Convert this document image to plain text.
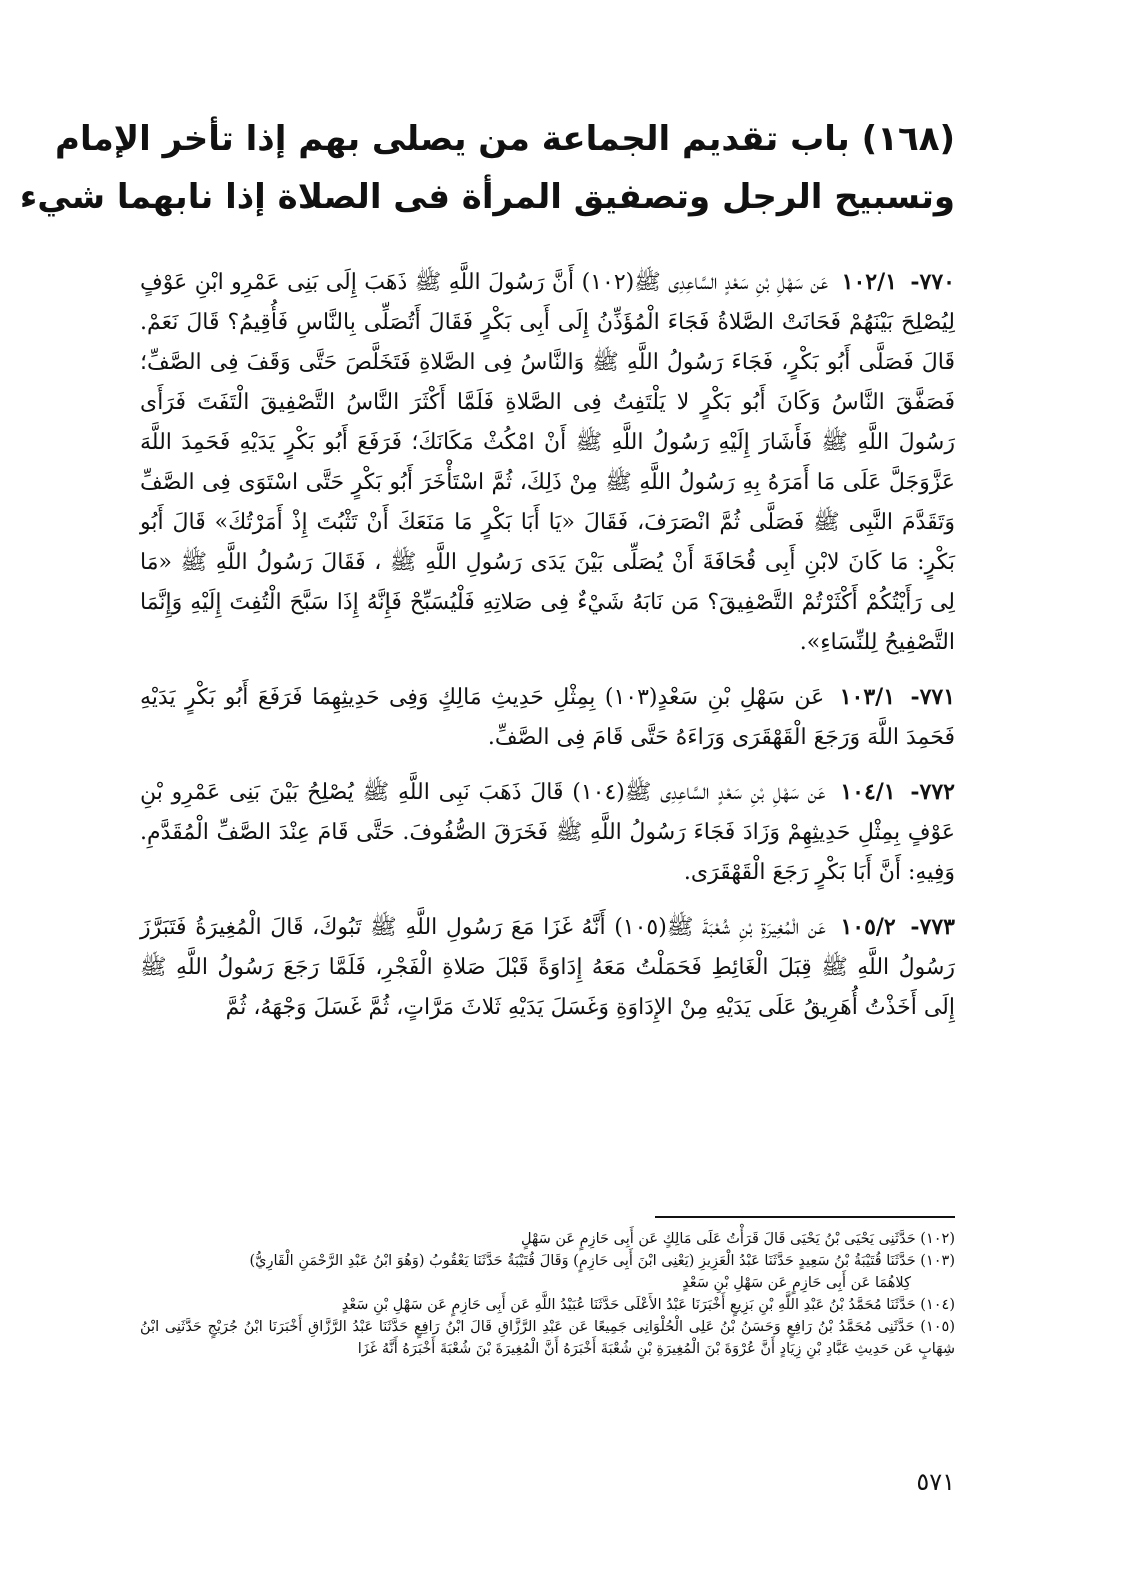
(١٦٨) باب تقديم الجماعة من يصلى بهم إذا تأخر الإمام
وتسبيح الرجل وتصفيق المرأة فى الصلاة إذا نابهما شيء

٧٧٠- ١٠٢/١ عَن سَهْلِ بْنِ سَعْدٍ السَّاعِدِى ﷺ(١٠٢) أَنَّ رَسُولَ اللَّهِ ﷺ ذَهَبَ إِلَى بَنِى عَمْرِو ابْنِ عَوْفٍ لِيُصْلِحَ بَيْنَهُمْ فَحَانَتْ الصَّلاةُ فَجَاءَ الْمُؤَذِّنُ إِلَى أَبِى بَكْرٍ فَقَالَ أَتُصَلِّى بِالنَّاسِ فَأُقِيمُ؟ قَالَ نَعَمْ. قَالَ فَصَلَّى أَبُو بَكْرٍ، فَجَاءَ رَسُولُ اللَّهِ ﷺ وَالنَّاسُ فِى الصَّلاةِ فَتَخَلَّصَ حَتَّى وَقَفَ فِى الصَّفِّ؛ فَصَفَّقَ النَّاسُ وَكَانَ أَبُو بَكْرٍ لا يَلْتَفِتُ فِى الصَّلاةِ فَلَمَّا أَكْثَرَ النَّاسُ التَّصْفِيقَ الْتَفَتَ فَرَأَى رَسُولَ اللَّهِ ﷺ فَأَشَارَ إِلَيْهِ رَسُولُ اللَّهِ ﷺ أَنْ امْكُثْ مَكَانَكَ؛ فَرَفَعَ أَبُو بَكْرٍ يَدَيْهِ فَحَمِدَ اللَّهَ عَزَّوَجَلَّ عَلَى مَا أَمَرَهُ بِهِ رَسُولُ اللَّهِ ﷺ مِنْ ذَلِكَ، ثُمَّ اسْتَأْخَرَ أَبُو بَكْرٍ حَتَّى اسْتَوَى فِى الصَّفِّ وَتَقَدَّمَ النَّبِى ﷺ فَصَلَّى ثُمَّ انْصَرَفَ، فَقَالَ «يَا أَبَا بَكْرٍ مَا مَنَعَكَ أَنْ تَثْبُتَ إِذْ أَمَرْتُكَ» قَالَ أَبُو بَكْرٍ: مَا كَانَ لابْنِ أَبِى قُحَافَةَ أَنْ يُصَلِّى بَيْنَ يَدَى رَسُولِ اللَّهِ ﷺ ، فَقَالَ رَسُولُ اللَّهِ ﷺ «مَا لِى رَأَيْتُكُمْ أَكْثَرْتُمْ التَّصْفِيقَ؟ مَن نَابَهُ شَيْءٌ فِى صَلاتِهِ فَلْيُسَبِّحْ فَإِنَّهُ إِذَا سَبَّحَ الْتُفِتَ إِلَيْهِ وَإِنَّمَا التَّصْفِيحُ لِلنِّسَاءِ».

٧٧١- ١٠٣/١ عَن سَهْلِ بْنِ سَعْدٍ(١٠٣) بِمِثْلِ حَدِيثِ مَالِكٍ وَفِى حَدِيثِهِمَا فَرَفَعَ أَبُو بَكْرٍ يَدَيْهِ فَحَمِدَ اللَّهَ وَرَجَعَ الْقَهْقَرَى وَرَاءَهُ حَتَّى قَامَ فِى الصَّفِّ.

٧٧٢- ١٠٤/١ عَن سَهْلِ بْنِ سَعْدٍ السَّاعِدِى ﷺ(١٠٤) قَالَ ذَهَبَ نَبِى اللَّهِ ﷺ يُصْلِحُ بَيْنَ بَنِى عَمْرِو بْنِ عَوْفٍ بِمِثْلِ حَدِيثِهِمْ وَزَادَ فَجَاءَ رَسُولُ اللَّهِ ﷺ فَخَرَقَ الصُّفُوفَ. حَتَّى قَامَ عِنْدَ الصَّفِّ الْمُقَدَّمِ. وَفِيهِ: أَنَّ أَبَا بَكْرٍ رَجَعَ الْقَهْقَرَى.

٧٧٣- ١٠٥/٢ عَن الْمُغِيرَةِ بْنِ شُعْبَةَ ﷺ(١٠٥) أَنَّهُ غَزَا مَعَ رَسُولِ اللَّهِ ﷺ تَبُوكَ، قَالَ الْمُغِيرَةُ فَتَبَرَّزَ رَسُولُ اللَّهِ ﷺ قِبَلَ الْغَائِطِ فَحَمَلْتُ مَعَهُ إِدَاوَةً قَبْلَ صَلاةِ الْفَجْرِ، فَلَمَّا رَجَعَ رَسُولُ اللَّهِ ﷺ إِلَى أَخَذْتُ أُهَرِيقُ عَلَى يَدَيْهِ مِنْ الإِدَاوَةِ وَغَسَلَ يَدَيْهِ ثَلاثَ مَرَّاتٍ، ثُمَّ غَسَلَ وَجْهَهُ، ثُمَّ

(١٠٢) حَدَّثَنِى يَحْيَى بْنُ يَحْيَى قَالَ قَرَأْتُ عَلَى مَالِكٍ عَن أَبِى حَازِمٍ عَن سَهْلٍ

(١٠٣) حَدَّثَنَا قُتَيْبَةُ بْنُ سَعِيدٍ حَدَّثَنَا عَبْدُ الْعَزِيزِ (يَعْنِى ابْنَ أَبِى حَازِمٍ) وَقَالَ قُتَيْبَةُ حَدَّثَنَا يَعْقُوبُ (وَهُوَ ابْنُ عَبْدِ الرَّحْمَنِ الْقَارِيُّ)
كِلاهُمَا عَن أَبِى حَازِمٍ عَن سَهْلِ بْنِ سَعْدٍ

(١٠٤) حَدَّثَنَا مُحَمَّدُ بْنُ عَبْدِ اللَّهِ بْنِ بَزِيعٍ أَخْبَرَنَا عَبْدُ الأَعْلَى حَدَّثَنَا عُبَيْدُ اللَّهِ عَن أَبِى حَازِمٍ عَن سَهْلِ بْنِ سَعْدٍ

(١٠٥) حَدَّثَنِى مُحَمَّدُ بْنُ رَافِعٍ وَحَسَنُ بْنُ عَلِى الْحُلْوَانِى جَمِيعًا عَن عَبْدِ الرَّزَّاقِ قَالَ ابْنُ رَافِعٍ حَدَّثَنَا عَبْدُ الرَّزَّاقِ أَخْبَرَنَا ابْنُ جُرَيْجٍ حَدَّثَنِى ابْنُ شِهَابٍ عَن حَدِيثِ عَبَّادِ بْنِ زِيَادٍ أَنَّ عُرْوَةَ بْنَ الْمُغِيرَةِ بْنِ شُعْبَةَ أَخْبَرَهُ أَنَّ الْمُغِيرَةَ بْنَ شُعْبَةَ أَخْبَرَهُ أَنَّهُ غَزَا

٥٧١
